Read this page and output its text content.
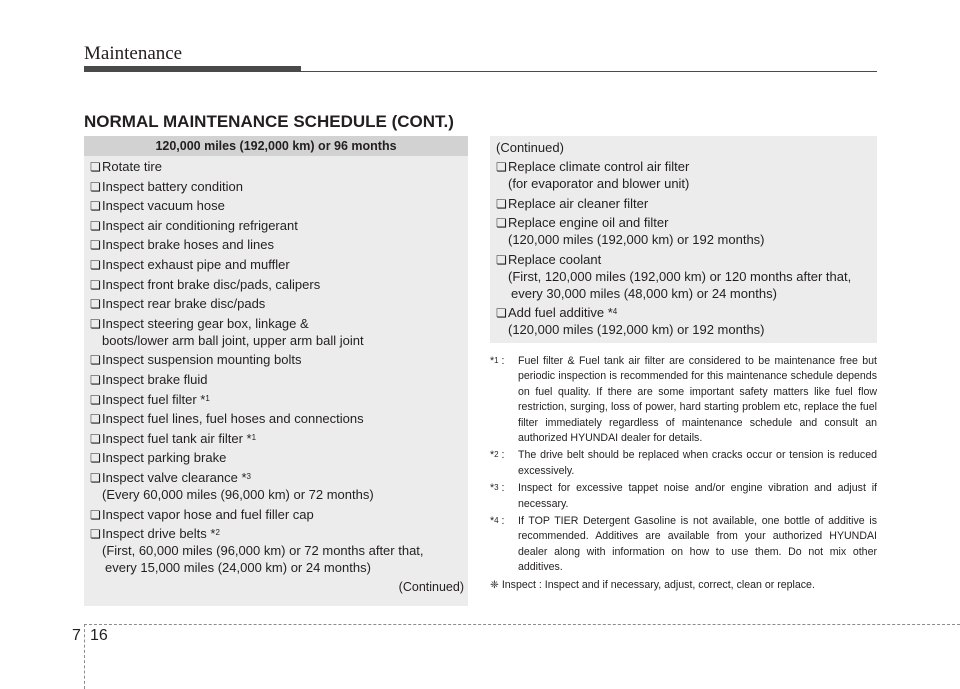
Maintenance
NORMAL MAINTENANCE SCHEDULE (CONT.)
120,000 miles (192,000 km) or 96 months
❏ Rotate tire
❏ Inspect battery condition
❏ Inspect vacuum hose
❏ Inspect air conditioning refrigerant
❏ Inspect brake hoses and lines
❏ Inspect exhaust pipe and muffler
❏ Inspect front brake disc/pads, calipers
❏ Inspect rear brake disc/pads
❏ Inspect steering gear box, linkage &
boots/lower arm ball joint, upper arm ball joint
❏ Inspect suspension mounting bolts
❏ Inspect brake fluid
❏ Inspect fuel filter *$^1$
❏ Inspect fuel lines, fuel hoses and connections
❏ Inspect fuel tank air filter *$^1$
❏ Inspect parking brake
❏ Inspect valve clearance *$^3$
(Every 60,000 miles (96,000 km) or 72 months)
❏ Inspect vapor hose and fuel filler cap
❏ Inspect drive belts *$^2$
(First, 60,000 miles (96,000 km) or 72 months after that,
every 15,000 miles (24,000 km) or 24 months)
(Continued)
(Continued)
❏ Replace climate control air filter
(for evaporator and blower unit)
❏ Replace air cleaner filter
❏ Replace engine oil and filter
(120,000 miles (192,000 km) or 192 months)
❏ Replace coolant
(First, 120,000 miles (192,000 km) or 120 months after that,
every 30,000 miles (48,000 km) or 24 months)
❏ Add fuel additive *$^4$
(120,000 miles (192,000 km) or 192 months)
*$^1$ :	Fuel filter & Fuel tank air filter are considered to be maintenance free but periodic inspection is recommended for this maintenance schedule depends on fuel quality. If there are some important safety matters like fuel flow restriction, surging, loss of power, hard starting problem etc, replace the fuel filter immediately regardless of maintenance schedule and consult an authorized HYUNDAI dealer for details.
*$^2$ :	The drive belt should be replaced when cracks occur or tension is reduced excessively.
*$^3$ :	Inspect for excessive tappet noise and/or engine vibration and adjust if necessary.
*$^4$ :	If TOP TIER Detergent Gasoline is not available, one bottle of additive is recommended. Additives are available from your authorized HYUNDAI dealer along with information on how to use them. Do not mix other additives.
❈ Inspect : Inspect and if necessary, adjust, correct, clean or replace.
7 16
